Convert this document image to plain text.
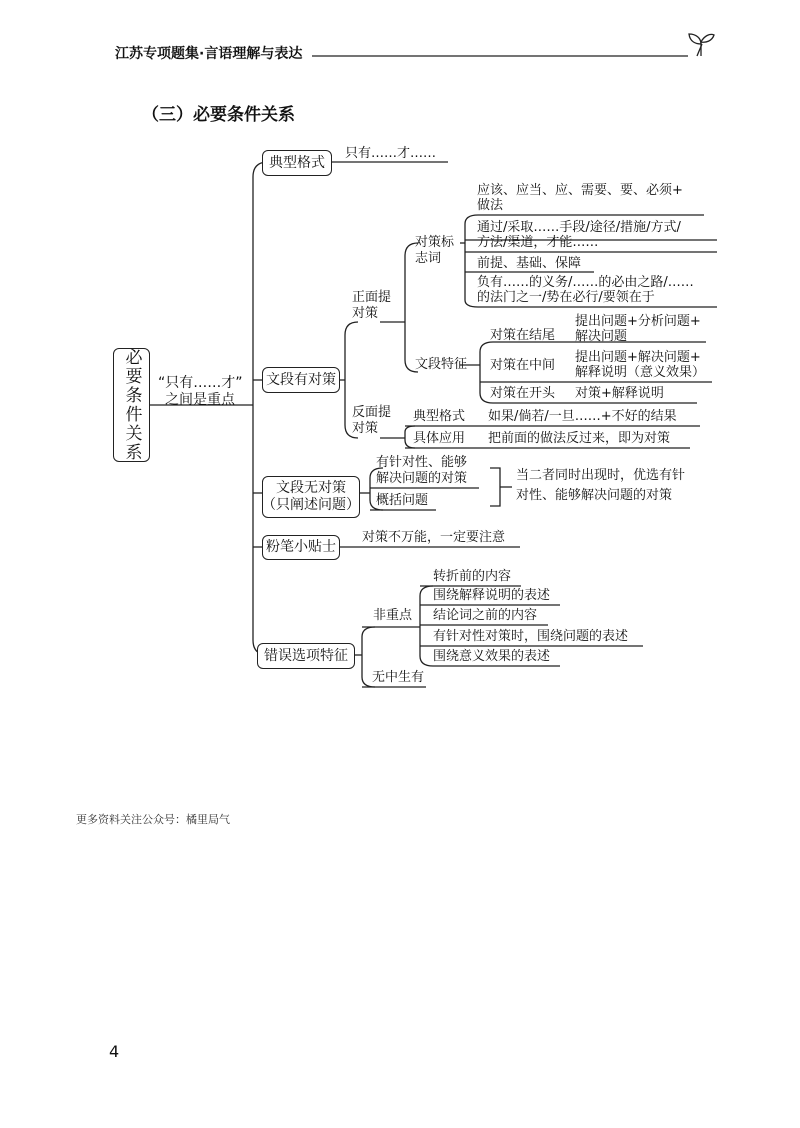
江苏专项题集·言语理解与表达
（三）必要条件关系
必要条件关系 “只有……才”
之间是重点
典型格式
只有……才……
文段有对策
正面提
对策
对策标
志词
应该、应当、应、需要、要、必须+
做法
通过/采取……手段/途径/措施/方式/
方法/渠道，才能……
前提、基础、保障
负有……的义务/……的必由之路/……
的法门之一/势在必行/要领在于
文段特征
对策在结尾
提出问题+分析问题+
解决问题
对策在中间
提出问题+解决问题+
解释说明（意义效果）
对策在开头 对策+解释说明
反面提
对策
典型格式 如果/倘若/一旦……+不好的结果
具体应用 把前面的做法反过来，即为对策
文段无对策
（只阐述问题）
有针对性、能够
解决问题的对策
概括问题
当二者同时出现时，优选有针
对性、能够解决问题的对策
粉笔小贴士
对策不万能，一定要注意
错误选项特征
非重点
无中生有
转折前的内容
围绕解释说明的表述
结论词之前的内容
有针对性对策时，围绕问题的表述
围绕意义效果的表述
更多资料关注公众号：橘里局气
4
